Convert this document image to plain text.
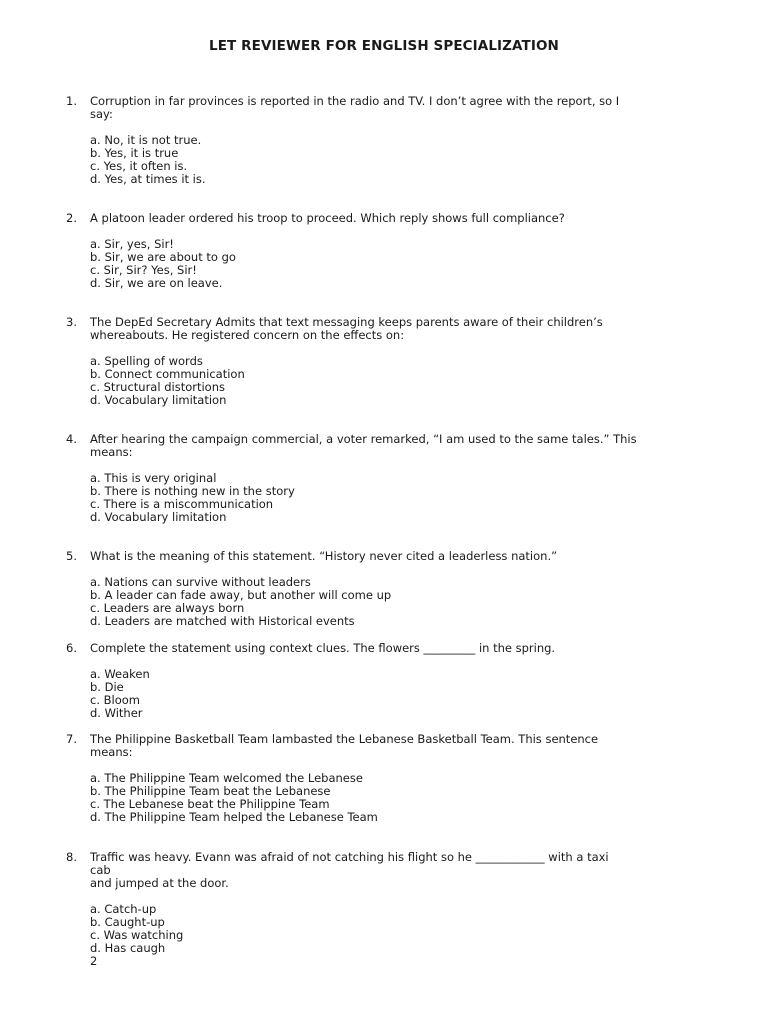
LET REVIEWER FOR ENGLISH SPECIALIZATION
1.	Corruption in far provinces is reported in the radio and TV. I don’t agree with the report, so I
say:
a. No, it is not true.
b. Yes, it is true
c. Yes, it often is.
d. Yes, at times it is.
2.	A platoon leader ordered his troop to proceed. Which reply shows full compliance?
a. Sir, yes, Sir!
b. Sir, we are about to go
c. Sir, Sir? Yes, Sir!
d. Sir, we are on leave.
3.	The DepEd Secretary Admits that text messaging keeps parents aware of their children’s
whereabouts. He registered concern on the effects on:
a. Spelling of words
b. Connect communication
c. Structural distortions
d. Vocabulary limitation
4.	After hearing the campaign commercial, a voter remarked, “I am used to the same tales.” This
means:
a. This is very original
b. There is nothing new in the story
c. There is a miscommunication
d. Vocabulary limitation
5.	What is the meaning of this statement. “History never cited a leaderless nation.”
a. Nations can survive without leaders
b. A leader can fade away, but another will come up
c. Leaders are always born
d. Leaders are matched with Historical events
6.	Complete the statement using context clues. The flowers _________ in the spring.
a. Weaken
b. Die
c. Bloom
d. Wither
7.	The Philippine Basketball Team lambasted the Lebanese Basketball Team. This sentence
means:
a. The Philippine Team welcomed the Lebanese
b. The Philippine Team beat the Lebanese
c. The Lebanese beat the Philippine Team
d. The Philippine Team helped the Lebanese Team
8.	Traffic was heavy. Evann was afraid of not catching his flight so he ____________ with a taxi
cab
and jumped at the door.
a. Catch-up
b. Caught-up
c. Was watching
d. Has caugh
2
